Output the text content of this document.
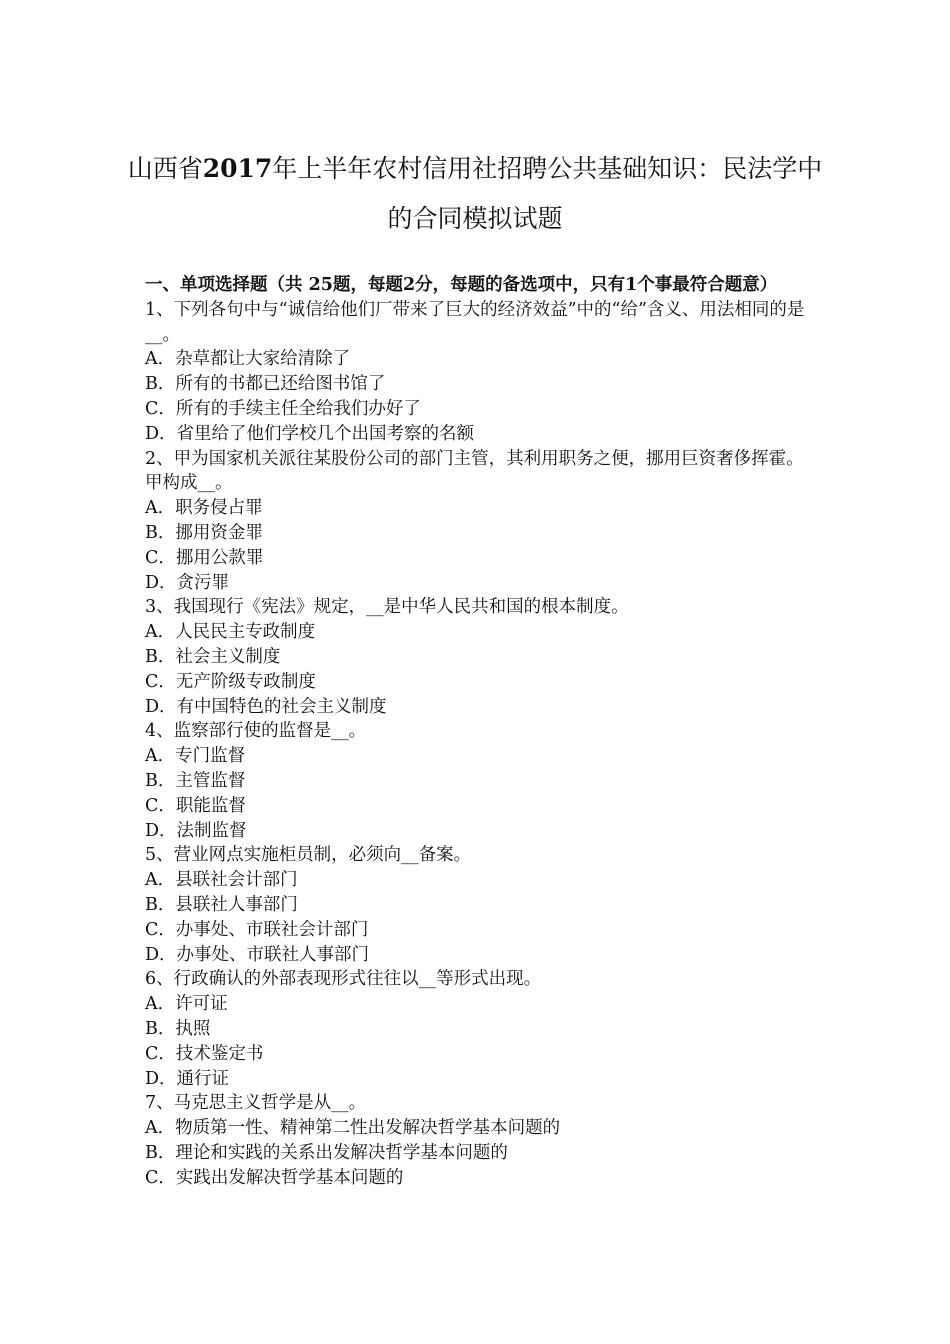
山西省2017年上半年农村信用社招聘公共基础知识：民法学中的合同模拟试题
一、单项选择题（共 25题，每题2分，每题的备选项中，只有1个事最符合题意）
1、下列各句中与“诚信给他们厂带来了巨大的经济效益”中的“给”含义、用法相同的是__。
A．杂草都让大家给清除了
B．所有的书都已还给图书馆了
C．所有的手续主任全给我们办好了
D．省里给了他们学校几个出国考察的名额
2、甲为国家机关派往某股份公司的部门主管，其利用职务之便，挪用巨资奢侈挥霍。甲构成__。
A．职务侵占罪
B．挪用资金罪
C．挪用公款罪
D．贪污罪
3、我国现行《宪法》规定，__是中华人民共和国的根本制度。
A．人民民主专政制度
B．社会主义制度
C．无产阶级专政制度
D．有中国特色的社会主义制度
4、监察部行使的监督是__。
A．专门监督
B．主管监督
C．职能监督
D．法制监督
5、营业网点实施柜员制，必须向__备案。
A．县联社会计部门
B．县联社人事部门
C．办事处、市联社会计部门
D．办事处、市联社人事部门
6、行政确认的外部表现形式往往以__等形式出现。
A．许可证
B．执照
C．技术鉴定书
D．通行证
7、马克思主义哲学是从__。
A．物质第一性、精神第二性出发解决哲学基本问题的
B．理论和实践的关系出发解决哲学基本问题的
C．实践出发解决哲学基本问题的
